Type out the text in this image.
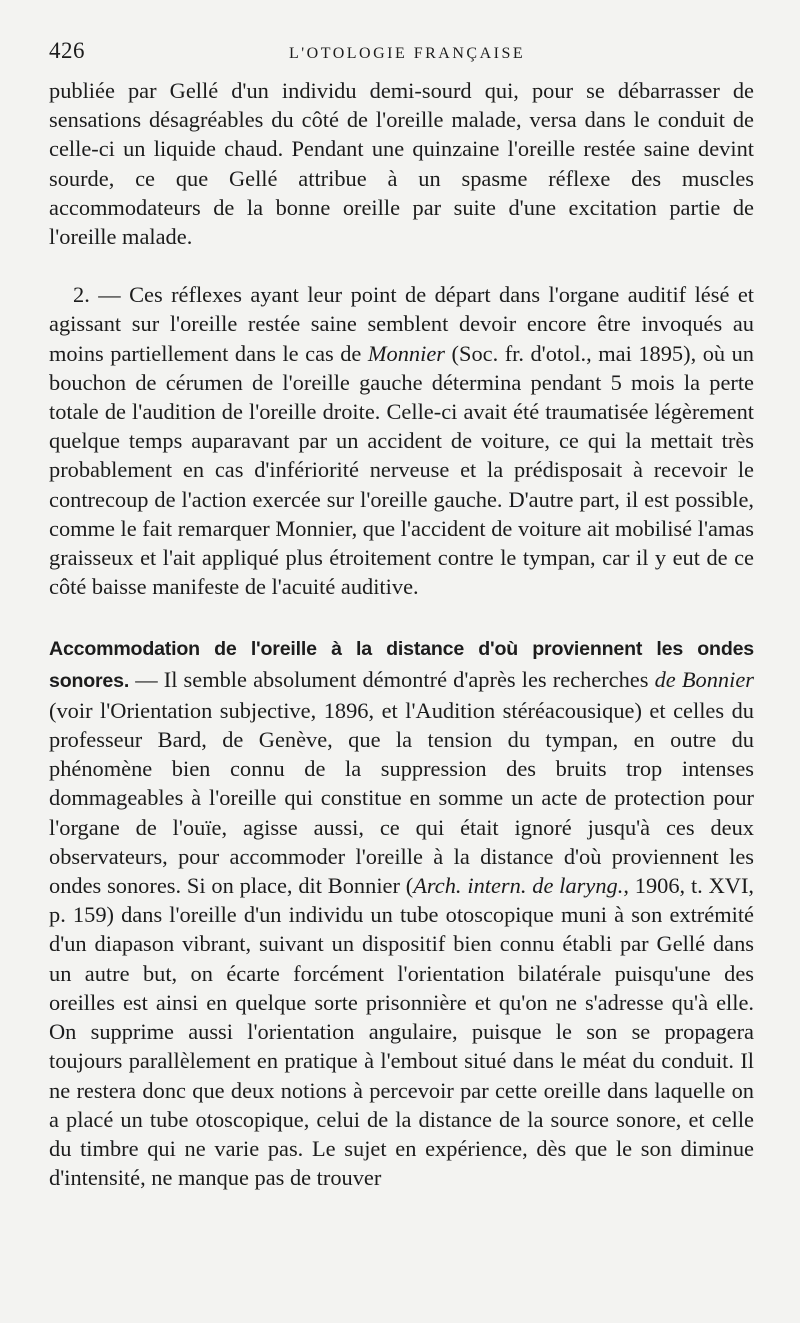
426	L'OTOLOGIE FRANÇAISE

publiée par Gellé d'un individu demi-sourd qui, pour se débarrasser de sensations désagréables du côté de l'oreille malade, versa dans le conduit de celle-ci un liquide chaud. Pendant une quinzaine l'oreille restée saine devint sourde, ce que Gellé attribue à un spasme réflexe des muscles accommodateurs de la bonne oreille par suite d'une excitation partie de l'oreille malade.

2. — Ces réflexes ayant leur point de départ dans l'organe auditif lésé et agissant sur l'oreille restée saine semblent devoir encore être invoqués au moins partiellement dans le cas de Monnier (Soc. fr. d'otol., mai 1895), où un bouchon de cérumen de l'oreille gauche détermina pendant 5 mois la perte totale de l'audition de l'oreille droite. Celle-ci avait été traumatisée légèrement quelque temps auparavant par un accident de voiture, ce qui la mettait très probablement en cas d'infériorité nerveuse et la prédisposait à recevoir le contrecoup de l'action exercée sur l'oreille gauche. D'autre part, il est possible, comme le fait remarquer Monnier, que l'accident de voiture ait mobilisé l'amas graisseux et l'ait appliqué plus étroitement contre le tympan, car il y eut de ce côté baisse manifeste de l'acuité auditive.

Accommodation de l'oreille à la distance d'où proviennent les ondes sonores. — Il semble absolument démontré d'après les recherches de Bonnier (voir l'Orientation subjective, 1896, et l'Audition stéréacousique) et celles du professeur Bard, de Genève, que la tension du tympan, en outre du phénomène bien connu de la suppression des bruits trop intenses dommageables à l'oreille qui constitue en somme un acte de protection pour l'organe de l'ouïe, agisse aussi, ce qui était ignoré jusqu'à ces deux observateurs, pour accommoder l'oreille à la distance d'où proviennent les ondes sonores. Si on place, dit Bonnier (Arch. intern. de laryng., 1906, t. XVI, p. 159) dans l'oreille d'un individu un tube otoscopique muni à son extrémité d'un diapason vibrant, suivant un dispositif bien connu établi par Gellé dans un autre but, on écarte forcément l'orientation bilatérale puisqu'une des oreilles est ainsi en quelque sorte prisonnière et qu'on ne s'adresse qu'à elle. On supprime aussi l'orientation angulaire, puisque le son se propagera toujours parallèlement en pratique à l'embout situé dans le méat du conduit. Il ne restera donc que deux notions à percevoir par cette oreille dans laquelle on a placé un tube otoscopique, celui de la distance de la source sonore, et celle du timbre qui ne varie pas. Le sujet en expérience, dès que le son diminue d'intensité, ne manque pas de trouver
